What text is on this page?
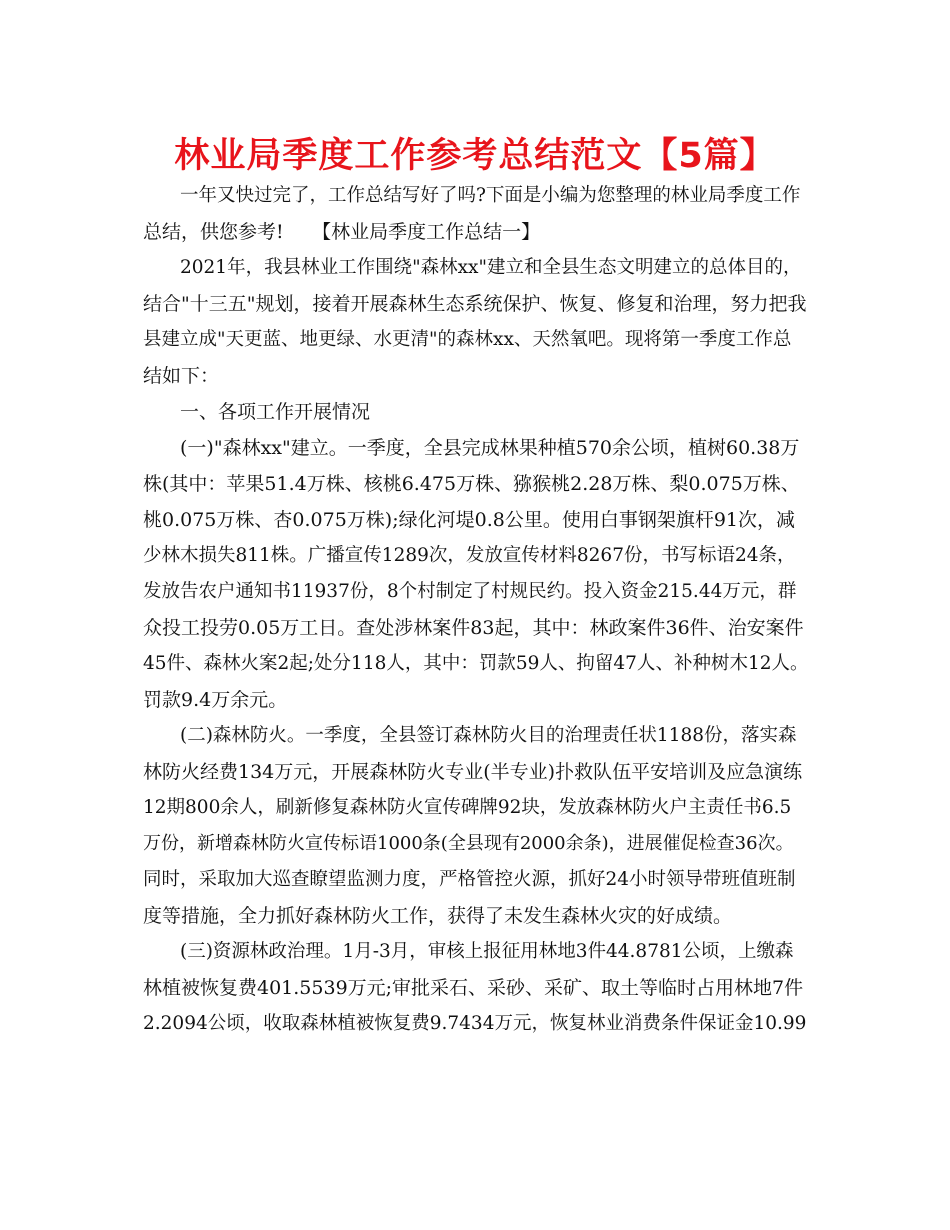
林业局季度工作参考总结范文【5篇】
一年又快过完了，工作总结写好了吗?下面是小编为您整理的林业局季度工作
总结，供您参考!　　【林业局季度工作总结一】
2021年，我县林业工作围绕"森林xx"建立和全县生态文明建立的总体目的，
结合"十三五"规划，接着开展森林生态系统保护、恢复、修复和治理，努力把我
县建立成"天更蓝、地更绿、水更清"的森林xx、天然氧吧。现将第一季度工作总
结如下：
一、各项工作开展情况
(一)"森林xx"建立。一季度，全县完成林果种植570余公顷，植树60.38万
株(其中：苹果51.4万株、核桃6.475万株、猕猴桃2.28万株、梨0.075万株、
桃0.075万株、杏0.075万株);绿化河堤0.8公里。使用白事钢架旗杆91次，减
少林木损失811株。广播宣传1289次，发放宣传材料8267份，书写标语24条，
发放告农户通知书11937份，8个村制定了村规民约。投入资金215.44万元，群
众投工投劳0.05万工日。查处涉林案件83起，其中：林政案件36件、治安案件
45件、森林火案2起;处分118人，其中：罚款59人、拘留47人、补种树木12人。
罚款9.4万余元。
(二)森林防火。一季度，全县签订森林防火目的治理责任状1188份，落实森
林防火经费134万元，开展森林防火专业(半专业)扑救队伍平安培训及应急演练
12期800余人，刷新修复森林防火宣传碑牌92块，发放森林防火户主责任书6.5
万份，新增森林防火宣传标语1000条(全县现有2000余条)，进展催促检查36次。
同时，采取加大巡查瞭望监测力度，严格管控火源，抓好24小时领导带班值班制
度等措施，全力抓好森林防火工作，获得了未发生森林火灾的好成绩。
(三)资源林政治理。1月-3月，审核上报征用林地3件44.8781公顷，上缴森
林植被恢复费401.5539万元;审批采石、采砂、采矿、取土等临时占用林地7件
2.2094公顷，收取森林植被恢复费9.7434万元，恢复林业消费条件保证金10.99
